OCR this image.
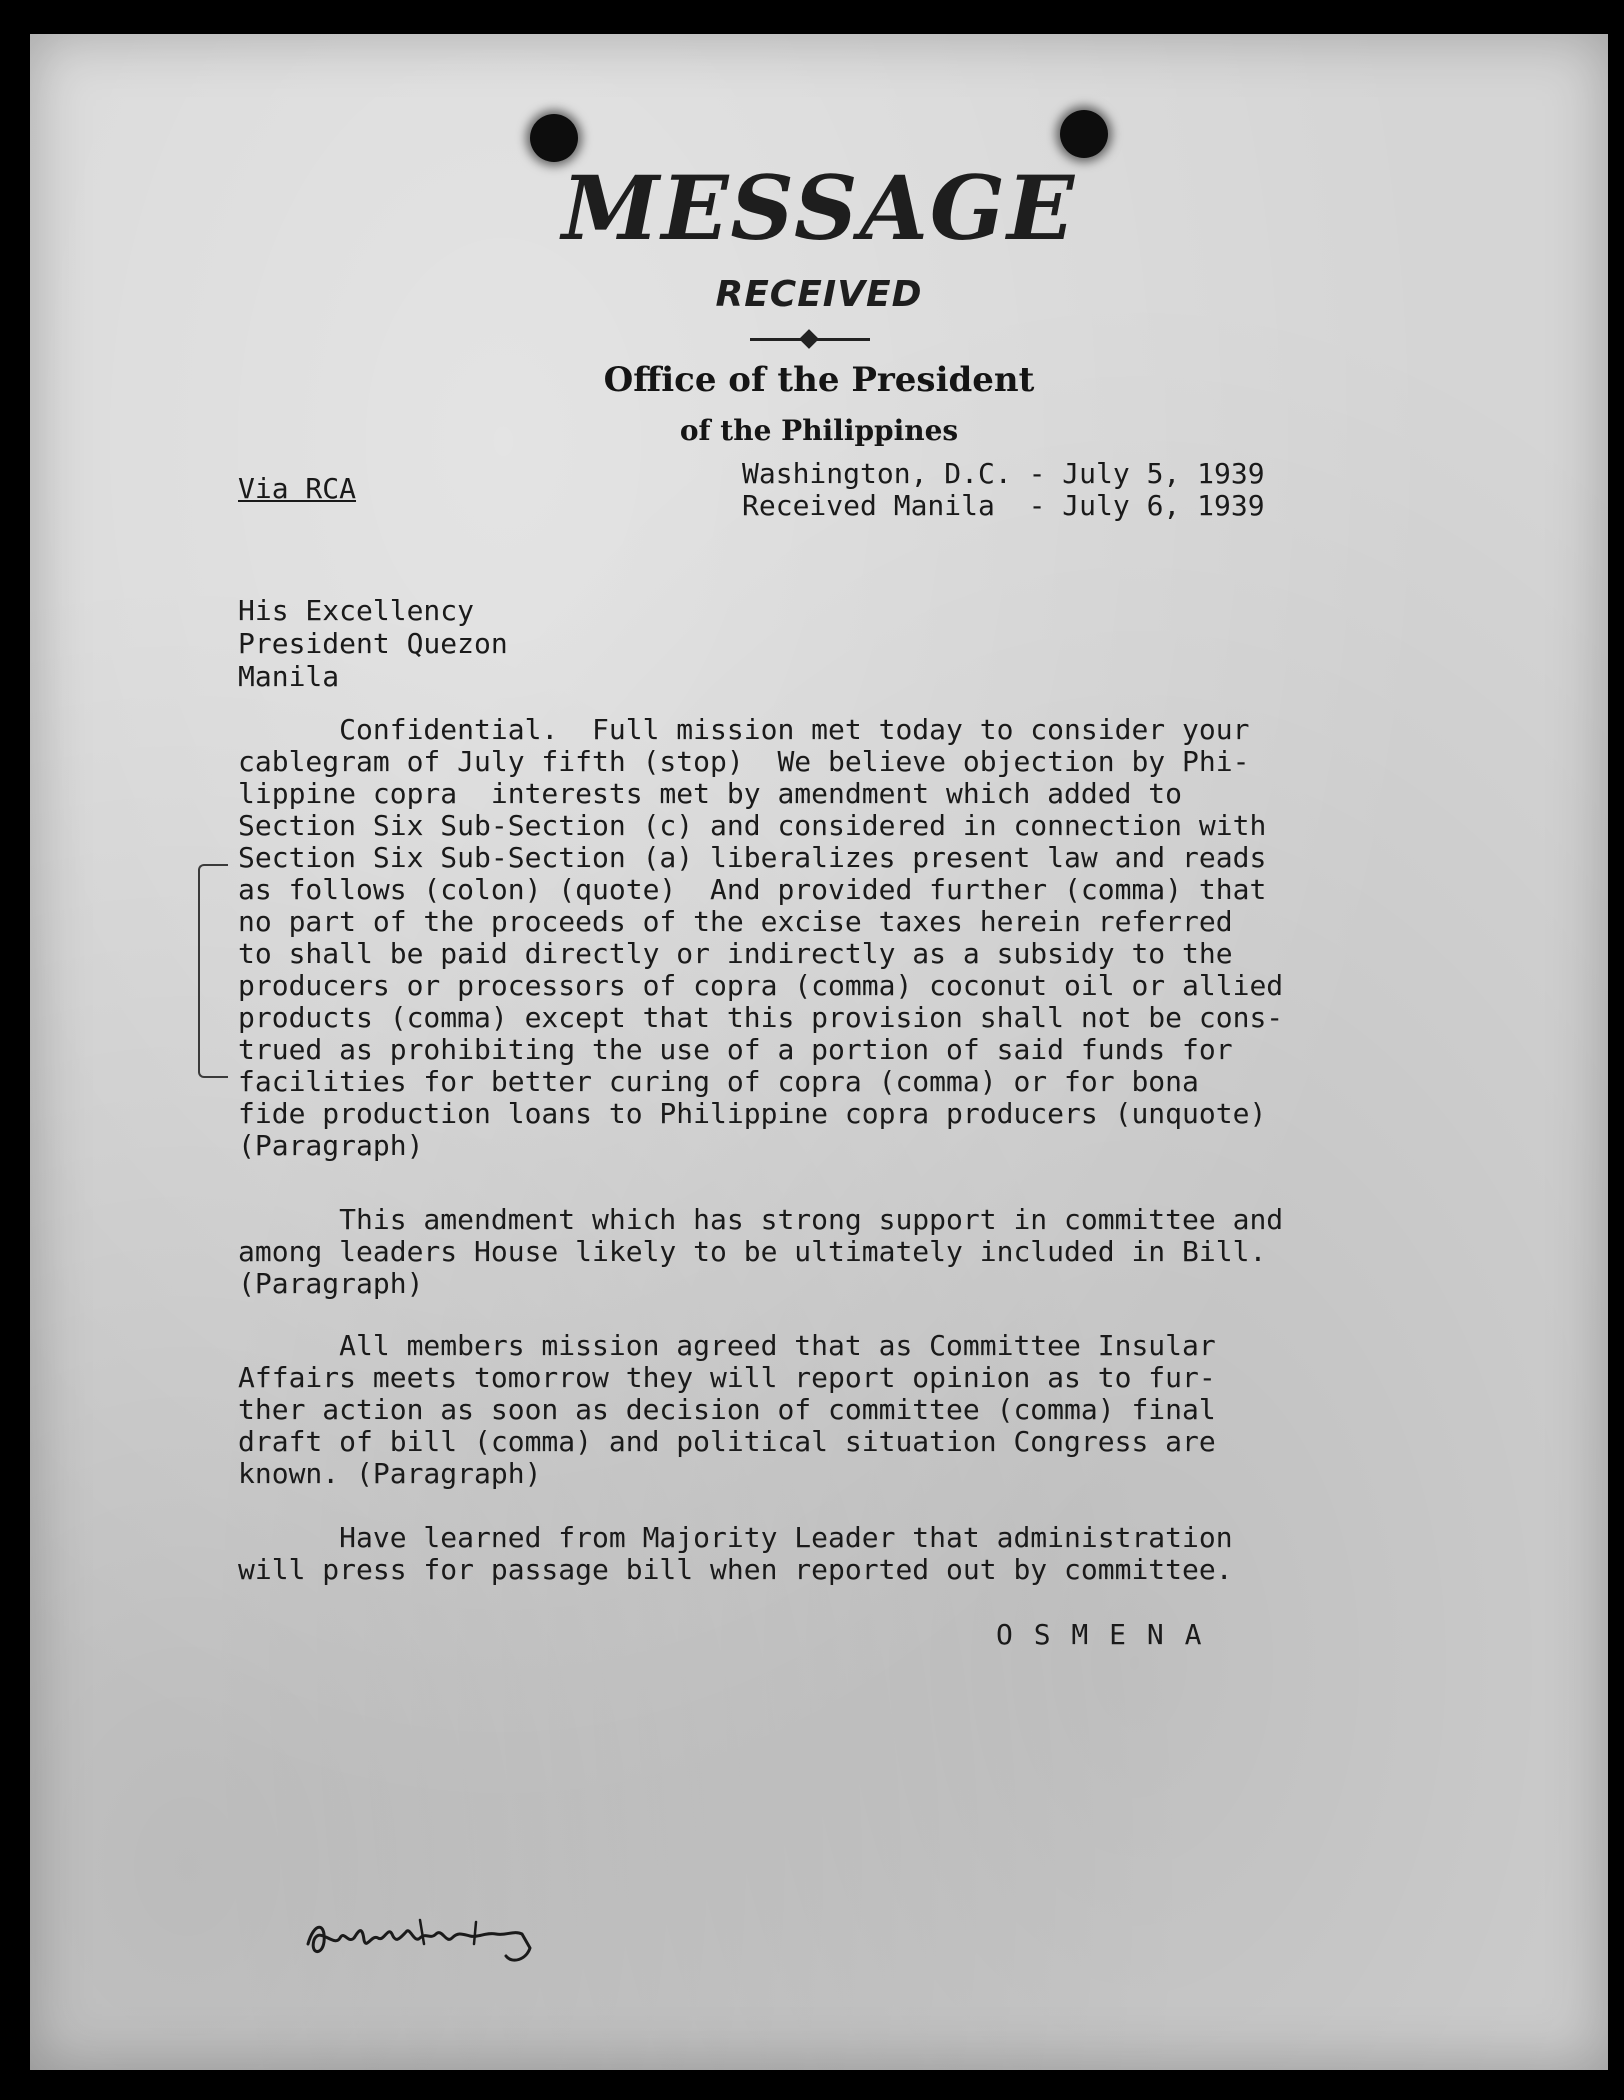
MESSAGE
RECEIVED
Office of the President
of the Philippines
Via RCA	Washington, D.C. - July 5, 1939
Received Manila  - July 6, 1939
His Excellency
President Quezon
Manila
Confidential.  Full mission met today to consider your
cablegram of July fifth (stop)  We believe objection by Phi-
lippine copra  interests met by amendment which added to
Section Six Sub-Section (c) and considered in connection with
Section Six Sub-Section (a) liberalizes present law and reads
as follows (colon) (quote)  And provided further (comma) that
no part of the proceeds of the excise taxes herein referred
to shall be paid directly or indirectly as a subsidy to the
producers or processors of copra (comma) coconut oil or allied
products (comma) except that this provision shall not be cons-
trued as prohibiting the use of a portion of said funds for
facilities for better curing of copra (comma) or for bona
fide production loans to Philippine copra producers (unquote)
(Paragraph)
This amendment which has strong support in committee and
among leaders House likely to be ultimately included in Bill.
(Paragraph)
All members mission agreed that as Committee Insular
Affairs meets tomorrow they will report opinion as to fur-
ther action as soon as decision of committee (comma) final
draft of bill (comma) and political situation Congress are
known. (Paragraph)
Have learned from Majority Leader that administration
will press for passage bill when reported out by committee.
O S M E N A
